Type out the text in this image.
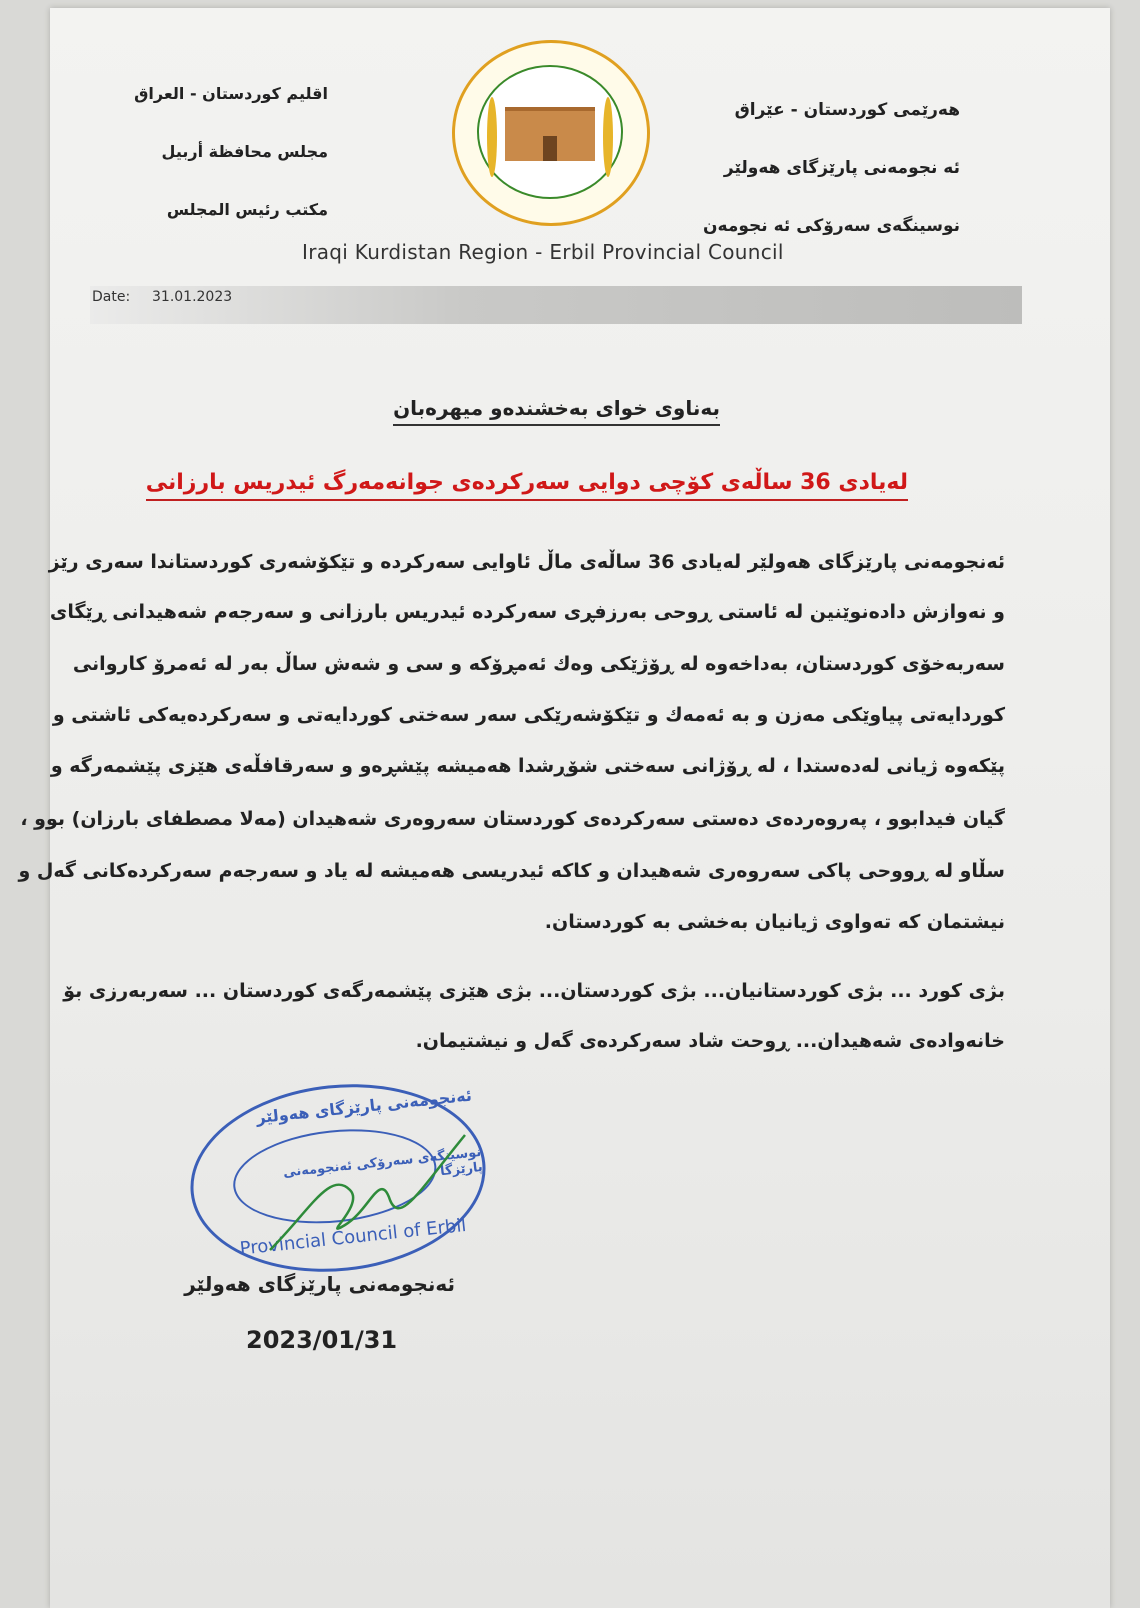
هەرێمی کوردستان - عێراق
ئه نجومه‌نی پارێزگای هەولێر
نوسینگەی سەرۆکی ئه نجومه‌ن
اقليم كوردستان - العراق
مجلس محافظة أربيل
مكتب رئيس المجلس
Iraqi Kurdistan Region - Erbil Provincial Council
Date: 31.01.2023
بەناوی خوای بەخشندەو میهرەبان
لەیادی 36 ساڵەی کۆچی دوایی سەرکردەی جوانەمەرگ ئیدریس بارزانی
ئەنجومەنی پارێزگای هەولێر لەیادی 36 ساڵەی ماڵ ئاوایی سەرکردە و تێکۆشەری کوردستاندا سەری رێز
و نەوازش دادەنوێنین لە ئاستی ڕوحی بەرزفڕی سەرکردە ئیدریس بارزانی و سەرجەم شەهیدانی ڕێگای
سەربەخۆی کوردستان، بەداخەوە لە ڕۆژێکی وەك ئەمڕۆکە و سی و شەش ساڵ بەر لە ئەمرۆ کاروانی
کوردایەتی پیاوێکی مەزن و بە ئەمەك و تێکۆشەرێکی سەر سەختی کوردایەتی و سەرکردەیەکی ئاشتی و
پێکەوە ژیانی لەدەستدا ، لە ڕۆژانی سەختی شۆڕشدا هەمیشە پێشڕەو و سەرقافڵەی هێزی پێشمەرگە و
گیان فیدابوو ، پەروەردەی دەستی سەرکردەی کوردستان سەروەری شەهیدان (مەلا مصطفای بارزان) بوو ،
سڵاو لە ڕووحی پاکی سەروەری شەهیدان و کاکە ئیدریسی هەمیشە لە یاد و سەرجەم سەرکردەکانی گەل و
نیشتمان کە تەواوی ژیانیان بەخشی بە کوردستان.
بژی کورد ... بژی کوردستانیان... بژی کوردستان... بژی هێزی پێشمەرگەی کوردستان ... سەربەرزی بۆ
خانەوادەی شەهیدان... ڕوحت شاد سەرکردەی گەل و نیشتیمان.
ئەنجومەنی پارێزگای هەولێر
نوسینگەی سەرۆکی ئەنجومەنی پارێزگا
Provincial Council of Erbil
ئەنجومەنی پارێزگای هەولێر
2023/01/31
